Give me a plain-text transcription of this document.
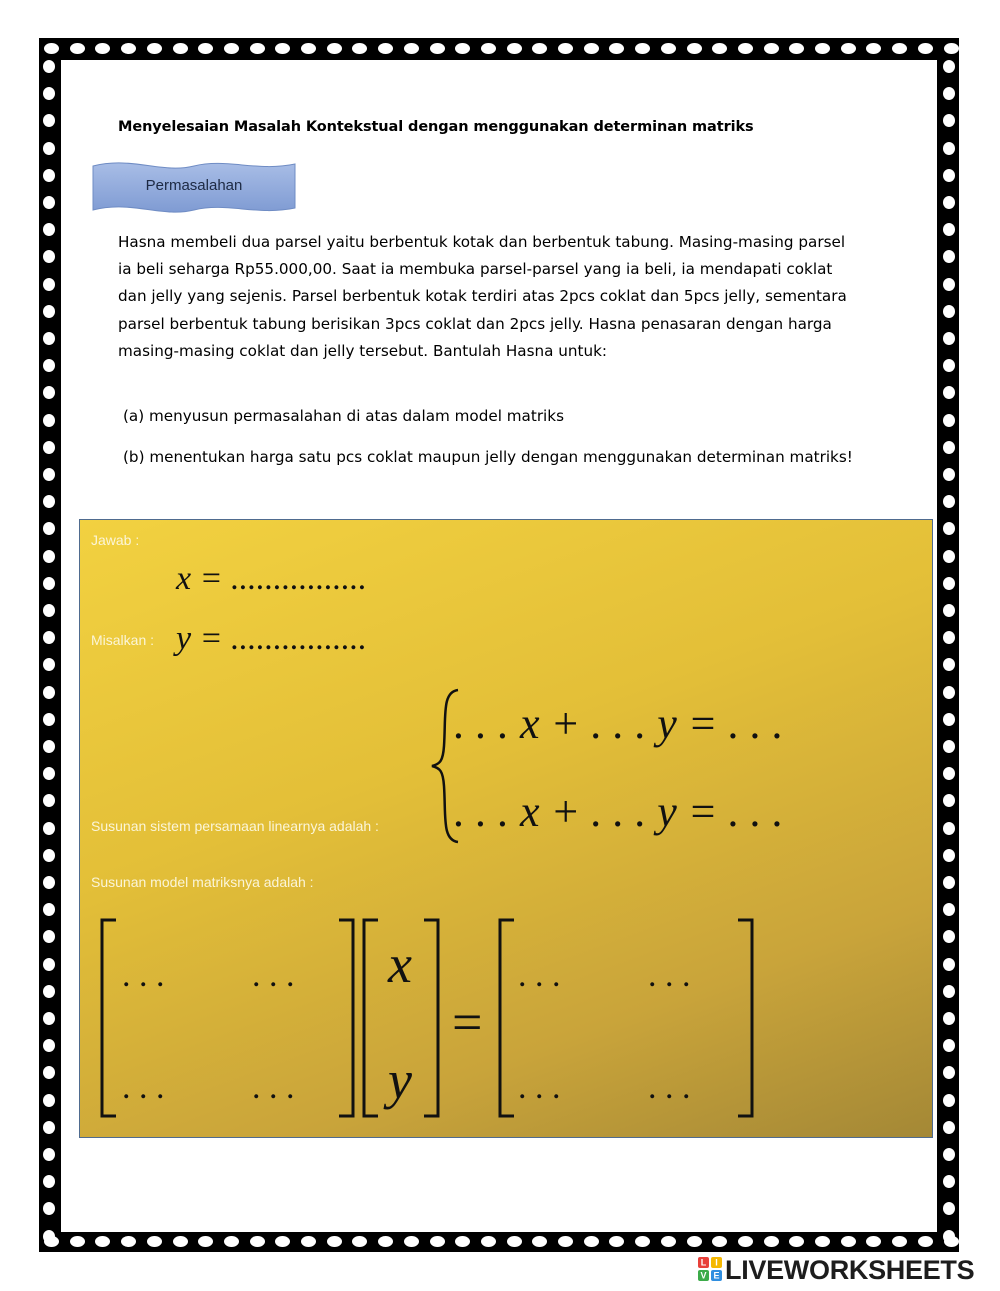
Menyelesaian Masalah Kontekstual dengan menggunakan determinan matriks
Permasalahan

Hasna membeli dua parsel yaitu berbentuk kotak dan berbentuk tabung. Masing-masing parsel ia beli seharga Rp55.000,00. Saat ia membuka parsel-parsel yang ia beli, ia mendapati coklat dan jelly yang sejenis. Parsel berbentuk kotak terdiri atas 2pcs coklat dan 5pcs jelly, sementara parsel berbentuk tabung berisikan 3pcs coklat dan 2pcs jelly. Hasna penasaran dengan harga masing-masing coklat dan jelly tersebut. Bantulah Hasna untuk:

(a) menyusun permasalahan di atas dalam model matriks

(b) menentukan harga satu pcs coklat maupun jelly dengan menggunakan determinan matriks!

Jawab :
x = ................
Misalkan : y = ................
. . . x + . . . y = . . .
. . . x + . . . y = . . .
Susunan sistem persamaan linearnya adalah :
Susunan model matriksnya adalah :
. . .	. . .
. . .	. . .
x
y
=
. . .	. . .
. . .	. . .
L I
V E LIVEWORKSHEETS
